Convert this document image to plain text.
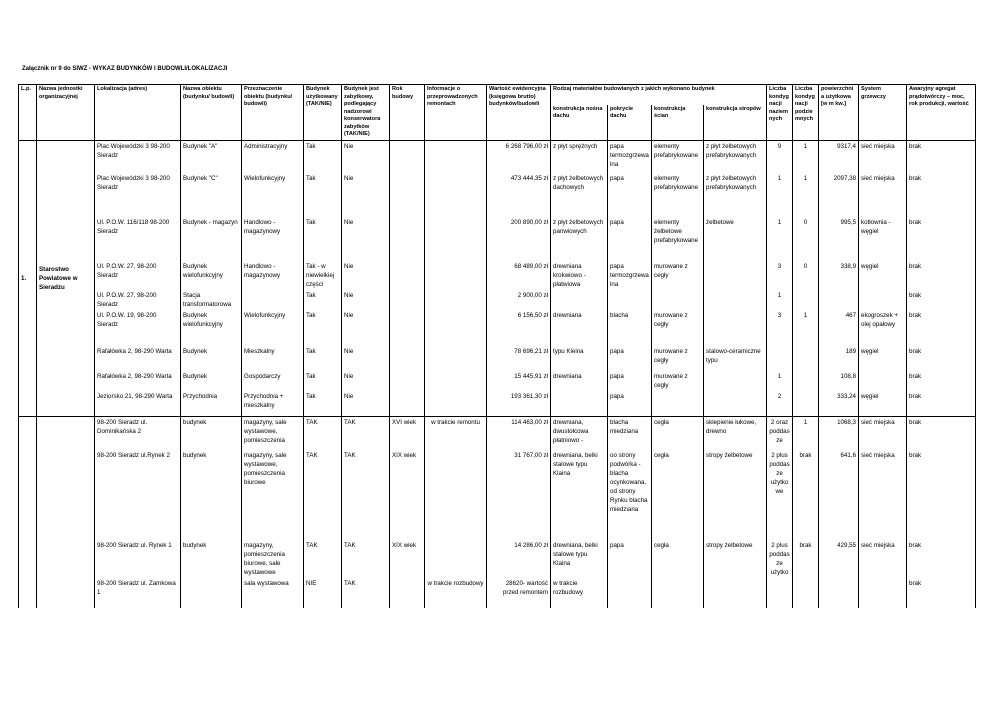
Załącznik nr 9 do SIWZ - WYKAZ BUDYNKÓW I BUDOWLI/LOKALIZACJI
L.p.	Nazwa jednostki organizacyjnej	Lokalizacja (adres)	Nazwa obiektu (budynku/ budowli)	Przeznaczenie obiektu (budynku/ budowli)	Budynek użytkowany (TAK/NIE)	Budynek jest zabytkowy, podlegający nadzorowi konserwatora zabytków (TAK/NIE)	Rok budowy	Informacje o przeprowadzonych remontach	Wartość ewidencyjna (księgowa brutto) budynków/budowli	Rodzaj materiałów budowlanych z jakich wykonano budynek				Liczba kondygnacji naziemnych	Liczba kondygnacji podziemnych	powierzchnia użytkowa [w m kw.]	System grzewczy	Awaryjny agregat prądotwórczy – moc, rok produkcji, wartość
										konstrukcja nośna dachu	pokrycie dachu	konstrukcja ścian	konstrukcja stropów					
1.	Starostwo Powiatowe w Sieradzu	Plac Wojewódzki 3 98-200 Sieradz	Budynek "A"	Administracyjny	Tak	Nie			6 268 796,00 zł	z płyt sprężnych	papa termozgrzewalna	elementy prefabrykowane	z płyt żelbetowych prefabrykowanych	9	1	9317,4	sieć miejska	brak
		Plac Wojewódzki 3 98-200 Sieradz	Budynek "C"	Wielofunkcyjny	Tak	Nie			473 444,35 zł	z płyt żelbetowych dachowych	papa	elementy prefabrykowane	z płyt żelbetowych prefabrykowanych	1	1	2097,38	sieć miejska	brak
		Ul. P.O.W. 116/118 98-200 Sieradz	Budynek - magazyn	Handlowo - magazynowy	Tak	Nie			200 890,00 zł	z płyt żelbetowych panwiowych	papa	elementy żelbetowe prefabrykowane	żelbetowe	1	0	995,5	kotłownia - węgiel	brak
		Ul. P.O.W. 27, 98-200 Sieradz	Budynek wielofunkcyjny	Handlowo - magazynowy	Tak - w niewielkiej części	Nie			68 489,00 zł	drewniana krokwiowo - płatwiowa	papa termozgrzewalna	murowane z cegły		3	0	338,9	węgiel	brak
		Ul. P.O.W. 27, 98-200 Sieradz	Stacja transformatorowa		Tak	Nie			2 900,00 zł					1				brak
		Ul. P.O.W. 19, 98-200 Sieradz	Budynek wielofunkcyjny	Wielofunkcyjny	Tak	Nie			6 156,50 zł	drewniana	blacha	murowane z cegły		3	1	467	ekogroszek + olej opałowy	brak
		Rafałówka 2, 98-290 Warta	Budynek	Mieszkalny	Tak	Nie			78 696,21 zł	typu Kleina	papa	murowane z cegły	stalowo-ceramiczne typu			189	węgiel	brak
		Rafałówka 2, 98-290 Warta	Budynek	Gospodarczy	Tak	Nie			15 445,91 zł	drewniana	papa	murowane z cegły		1		108,8		brak
		Jeziorsko 21, 98-290 Warta	Przychodnia	Przychodnia + mieszkalny	Tak	Nie			193 361,30 zł		papa			2		333,24	węgiel	brak
		98-200 Sieradz ul. Dominikańska 2	budynek	magazyny, sale wystawowe, pomieszczenia	TAK	TAK	XVI wiek	w trakcie remontu	114 463,00 zł	drewniana, dwustołcowa płatniowo -	blacha miedziana	cegła	sklepienie łukowe, drewno	2 oraz poddasze	1	1068,3	sieć miejska	brak
		98-200 Sieradz ul.Rynek 2	budynek	magazyny, sale wystawowe, pomieszczenia biurowe	TAK	TAK	XIX wiek		31 767,00 zł	drewniana, belki stalowe typu Klaina	oo strony podwórka - blacha ocynkowana, od strony Rynku blacha miedziana	cegła	stropy żelbetowe	2 plus poddasze użytkowe	brak	641,6	sieć miejska	brak
		98-200 Sieradz ul. Rynek 1	budynek	magazyny, pomieszczenia biurowe, sale wystawowe	TAK	TAK	XIX wiek		14 286,00 zł	drewniana, belki stalowe typu Klaina	papa	cegła	stropy żelbetowe	2 plus poddasze użytko	brak	429,55	sieć miejska	brak
		98-200 Sieradz ul. Zamkowa 1		sala wystawowa	NIE	TAK		w trakcie rozbudowy	28620- wartość przed remontem	w trakcie rozbudowy								brak
